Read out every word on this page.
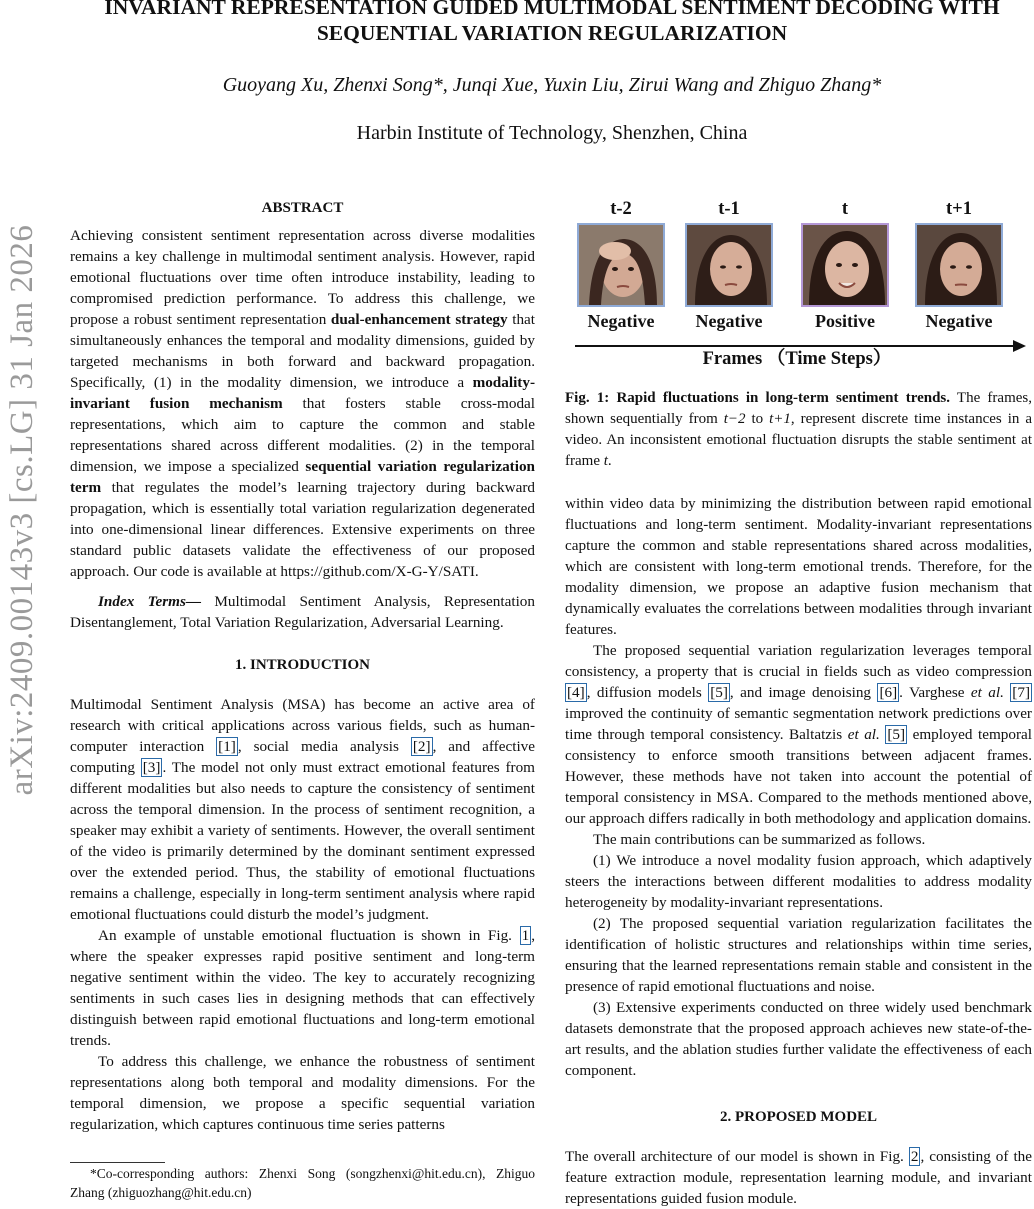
arXiv:2409.00143v3 [cs.LG] 31 Jan 2026
INVARIANT REPRESENTATION GUIDED MULTIMODAL SENTIMENT DECODING WITH
SEQUENTIAL VARIATION REGULARIZATION
Guoyang Xu, Zhenxi Song*, Junqi Xue, Yuxin Liu, Zirui Wang and Zhiguo Zhang*
Harbin Institute of Technology, Shenzhen, China
ABSTRACT

Achieving consistent sentiment representation across diverse modalities remains a key challenge in multimodal sentiment analysis. However, rapid emotional fluctuations over time often introduce instability, leading to compromised prediction performance. To address this challenge, we propose a robust sentiment representation dual-enhancement strategy that simultaneously enhances the temporal and modality dimensions, guided by targeted mechanisms in both forward and backward propagation. Specifically, (1) in the modality dimension, we introduce a modality-invariant fusion mechanism that fosters stable cross-modal representations, which aim to capture the common and stable representations shared across different modalities. (2) in the temporal dimension, we impose a specialized sequential variation regularization term that regulates the model’s learning trajectory during backward propagation, which is essentially total variation regularization degenerated into one-dimensional linear differences. Extensive experiments on three standard public datasets validate the effectiveness of our proposed approach. Our code is available at https://github.com/X-G-Y/SATI.

Index Terms— Multimodal Sentiment Analysis, Representation Disentanglement, Total Variation Regularization, Adversarial Learning.

1. INTRODUCTION

Multimodal Sentiment Analysis (MSA) has become an active area of research with critical applications across various fields, such as human-computer interaction [1] , social media analysis [2] , and affective computing [3] . The model not only must extract emotional features from different modalities but also needs to capture the consistency of sentiment across the temporal dimension. In the process of sentiment recognition, a speaker may exhibit a variety of sentiments. However, the overall sentiment of the video is primarily determined by the dominant sentiment expressed over the extended period. Thus, the stability of emotional fluctuations remains a challenge, especially in long-term sentiment analysis where rapid emotional fluctuations could disturb the model’s judgment.

An example of unstable emotional fluctuation is shown in Fig. 1 , where the speaker expresses rapid positive sentiment and long-term negative sentiment within the video. The key to accurately recognizing sentiments in such cases lies in designing methods that can effectively distinguish between rapid emotional fluctuations and long-term emotional trends.

To address this challenge, we enhance the robustness of sentiment representations along both temporal and modality dimensions. For the temporal dimension, we propose a specific sequential variation regularization, which captures continuous time series patterns

*Co-corresponding authors: Zhenxi Song (songzhenxi@hit.edu.cn), Zhiguo Zhang (zhiguozhang@hit.edu.cn)
t-2
Negative
t-1
Negative
t
Positive
t+1
Negative
Frames （Time Steps）
Fig. 1: Rapid fluctuations in long-term sentiment trends. The frames, shown sequentially from t−2 to t+1, represent discrete time instances in a video. An inconsistent emotional fluctuation disrupts the stable sentiment at frame t.

within video data by minimizing the distribution between rapid emotional fluctuations and long-term sentiment. Modality-invariant representations capture the common and stable representations shared across modalities, which are consistent with long-term emotional trends. Therefore, for the modality dimension, we propose an adaptive fusion mechanism that dynamically evaluates the correlations between modalities through invariant features.

The proposed sequential variation regularization leverages temporal consistency, a property that is crucial in fields such as video compression [4] , diffusion models [5] , and image denoising [6] . Varghese et al. [7] improved the continuity of semantic segmentation network predictions over time through temporal consistency. Baltatzis et al. [5] employed temporal consistency to enforce smooth transitions between adjacent frames. However, these methods have not taken into account the potential of temporal consistency in MSA. Compared to the methods mentioned above, our approach differs radically in both methodology and application domains.

The main contributions can be summarized as follows.

(1) We introduce a novel modality fusion approach, which adaptively steers the interactions between different modalities to address modality heterogeneity by modality-invariant representations.

(2) The proposed sequential variation regularization facilitates the identification of holistic structures and relationships within time series, ensuring that the learned representations remain stable and consistent in the presence of rapid emotional fluctuations and noise.

(3) Extensive experiments conducted on three widely used benchmark datasets demonstrate that the proposed approach achieves new state-of-the-art results, and the ablation studies further validate the effectiveness of each component.

2. PROPOSED MODEL

The overall architecture of our model is shown in Fig. 2 , consisting of the feature extraction module, representation learning module, and invariant representations guided fusion module.
